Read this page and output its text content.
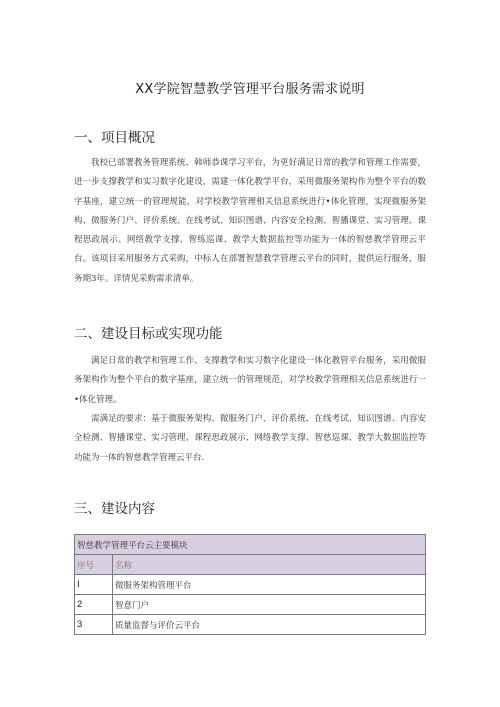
XX学院智慧教学管理平台服务需求说明
一、项目概况

我校已部署教务管理系统、韩师恭课学习平台，为更好满足日常的教学和管理工作需要，进一步支撑教学和实习数字化建设，需建一体化教学平台，采用微服务架构作为整个平台的数字基座，建立统一的管理规能，对学校教学管理相关信息系统进行•体化管理，实现微服务架构、微服务门户、评价系统、在线考试、知识图谱、内容安全检测、智播课堂、实习管理、课程思政展示、网络教学支撑、智练巡课、教学大数据监控等功能为一体的智慈教学管理云平台。该项目采用服务方式采购，中标人在部署智慧教学管理云平台的同时，提供运行服务，服务期3年。详情见采购需求清单。

二、建设目标或实现功能

满足日常的教学和管理工作、支撑教学和实习数字化建设一体化教管平台服务，采用微服务架构作为整个平台的数字基座，建立统一的管理规范，对学校教学管理相关信息系统进行一•体化管理。

需满足的要求：基于微服务架构、微服务门户、评价系统、在线考试、知识图谱、内容安全检测、智播课堂、实习管理、课程思政展示、网络教学支撑、智慈巡课、教学大数据监控等功能为一体的智慈教学管理云平台.

三、建设内容
智慈教学管理平台云主要模块	
序号	名称
I	微服务架构管理平台
2	智意门户
3	质量监督与评价云平台
